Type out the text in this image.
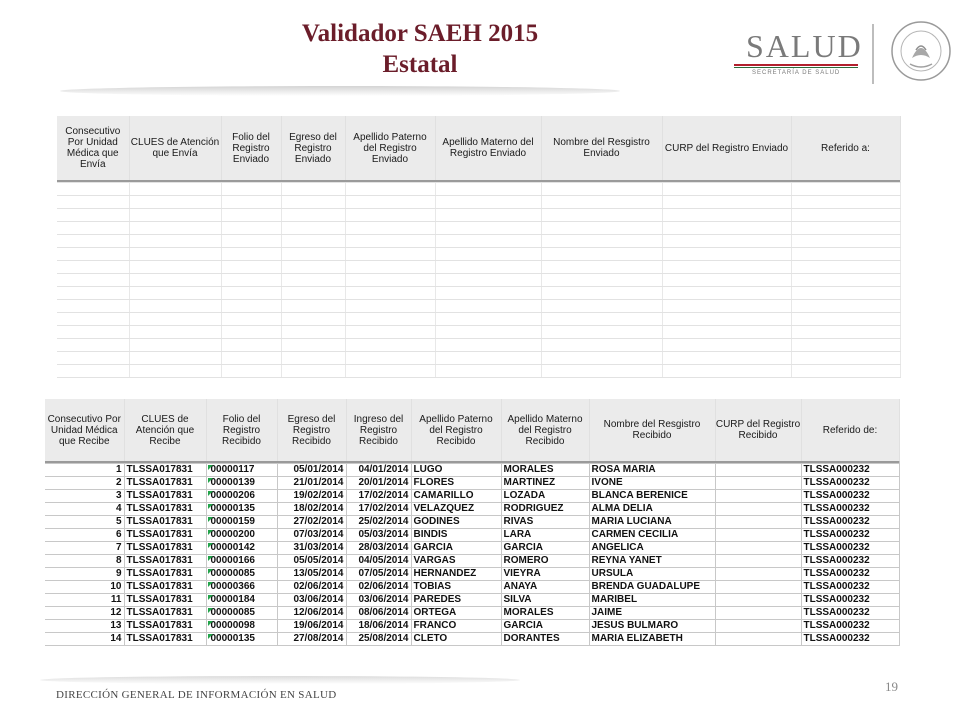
Validador SAEH 2015
Estatal
SALUD
SECRETARÍA DE SALUD
Consecutivo Por Unidad Médica que Envía	CLUES de Atención que Envía	Folio del Registro Enviado	Egreso del Registro Enviado	Apellido Paterno del Registro Enviado	Apellido Materno del Registro Enviado	Nombre del Resgistro Enviado	CURP del Registro Enviado	Referido a:

Consecutivo Por Unidad Médica que Recibe	CLUES de Atención que Recibe	Folio del Registro Recibido	Egreso del Registro Recibido	Ingreso del Registro Recibido	Apellido Paterno del Registro Recibido	Apellido Materno del Registro Recibido	Nombre del Resgistro Recibido	CURP del Registro Recibido	Referido de:

1	TLSSA017831	00000117	05/01/2014	04/01/2014	LUGO	MORALES	ROSA MARIA		TLSSA000232
2	TLSSA017831	00000139	21/01/2014	20/01/2014	FLORES	MARTINEZ	IVONE		TLSSA000232
3	TLSSA017831	00000206	19/02/2014	17/02/2014	CAMARILLO	LOZADA	BLANCA BERENICE		TLSSA000232
4	TLSSA017831	00000135	18/02/2014	17/02/2014	VELAZQUEZ	RODRIGUEZ	ALMA DELIA		TLSSA000232
5	TLSSA017831	00000159	27/02/2014	25/02/2014	GODINES	RIVAS	MARIA LUCIANA		TLSSA000232
6	TLSSA017831	00000200	07/03/2014	05/03/2014	BINDIS	LARA	CARMEN CECILIA		TLSSA000232
7	TLSSA017831	00000142	31/03/2014	28/03/2014	GARCIA	GARCIA	ANGELICA		TLSSA000232
8	TLSSA017831	00000166	05/05/2014	04/05/2014	VARGAS	ROMERO	REYNA YANET		TLSSA000232
9	TLSSA017831	00000085	13/05/2014	07/05/2014	HERNANDEZ	VIEYRA	URSULA		TLSSA000232
10	TLSSA017831	00000366	02/06/2014	02/06/2014	TOBIAS	ANAYA	BRENDA GUADALUPE		TLSSA000232
11	TLSSA017831	00000184	03/06/2014	03/06/2014	PAREDES	SILVA	MARIBEL		TLSSA000232
12	TLSSA017831	00000085	12/06/2014	08/06/2014	ORTEGA	MORALES	JAIME		TLSSA000232
13	TLSSA017831	00000098	19/06/2014	18/06/2014	FRANCO	GARCIA	JESUS BULMARO		TLSSA000232
14	TLSSA017831	00000135	27/08/2014	25/08/2014	CLETO	DORANTES	MARIA ELIZABETH		TLSSA000232
DIRECCIÓN GENERAL DE INFORMACIÓN EN SALUD
19
